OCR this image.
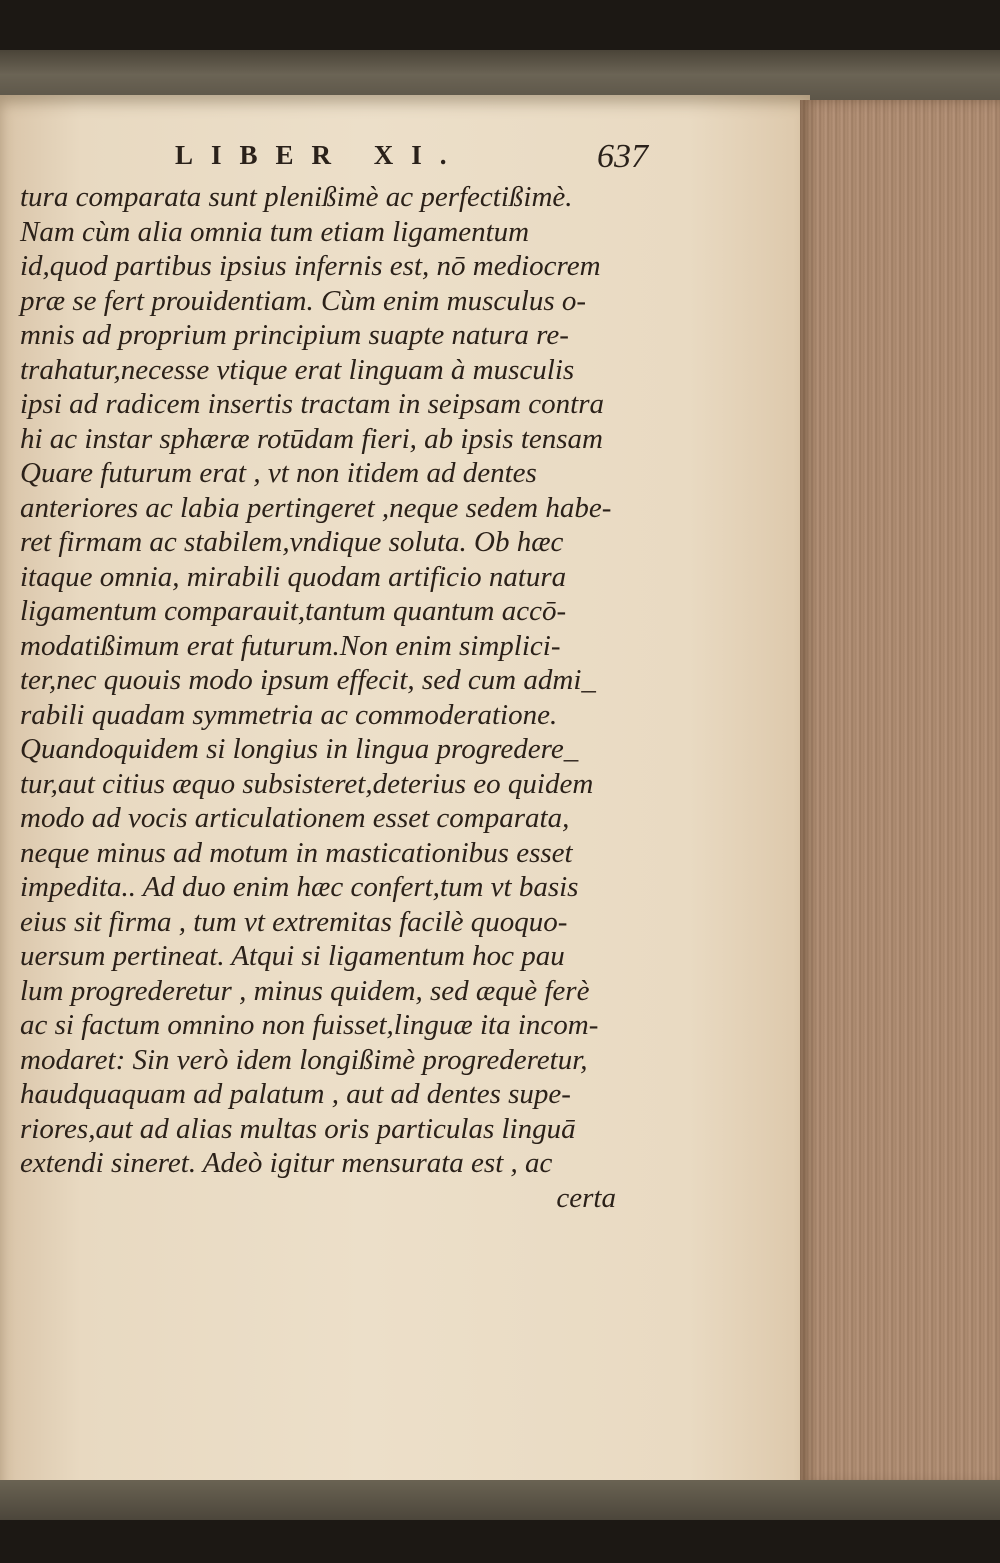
LIBER XI.	637
tura comparata sunt plenißimè ac perfectißimè.
Nam cùm alia omnia tum etiam ligamentum
id,quod partibus ipsius infernis est, nō mediocrem
præ se fert prouidentiam. Cùm enim musculus o-
mnis ad proprium principium suapte natura re-
trahatur,necesse vtique erat linguam à musculis
ipsi ad radicem insertis tractam in seipsam contra
hi ac instar sphæræ rotūdam fieri, ab ipsis tensam
Quare futurum erat , vt non itidem ad dentes
anteriores ac labia pertingeret ,neque sedem habe-
ret firmam ac stabilem,vndique soluta. Ob hæc
itaque omnia, mirabili quodam artificio natura
ligamentum comparauit,tantum quantum accō-
modatißimum erat futurum.Non enim simplici-
ter,nec quouis modo ipsum effecit, sed cum admi_
rabili quadam symmetria ac commoderatione.
Quandoquidem si longius in lingua progredere_
tur,aut citius æquo subsisteret,deterius eo quidem
modo ad vocis articulationem esset comparata,
neque minus ad motum in masticationibus esset
impedita.. Ad duo enim hæc confert,tum vt basis
eius sit firma , tum vt extremitas facilè quoquo-
uersum pertineat. Atqui si ligamentum hoc pau
lum progrederetur , minus quidem, sed æquè ferè
ac si factum omnino non fuisset,linguæ ita incom-
modaret: Sin verò idem longißimè progrederetur,
haudquaquam ad palatum , aut ad dentes supe-
riores,aut ad alias multas oris particulas linguā
extendi sineret. Adeò igitur mensurata est , ac
certa
